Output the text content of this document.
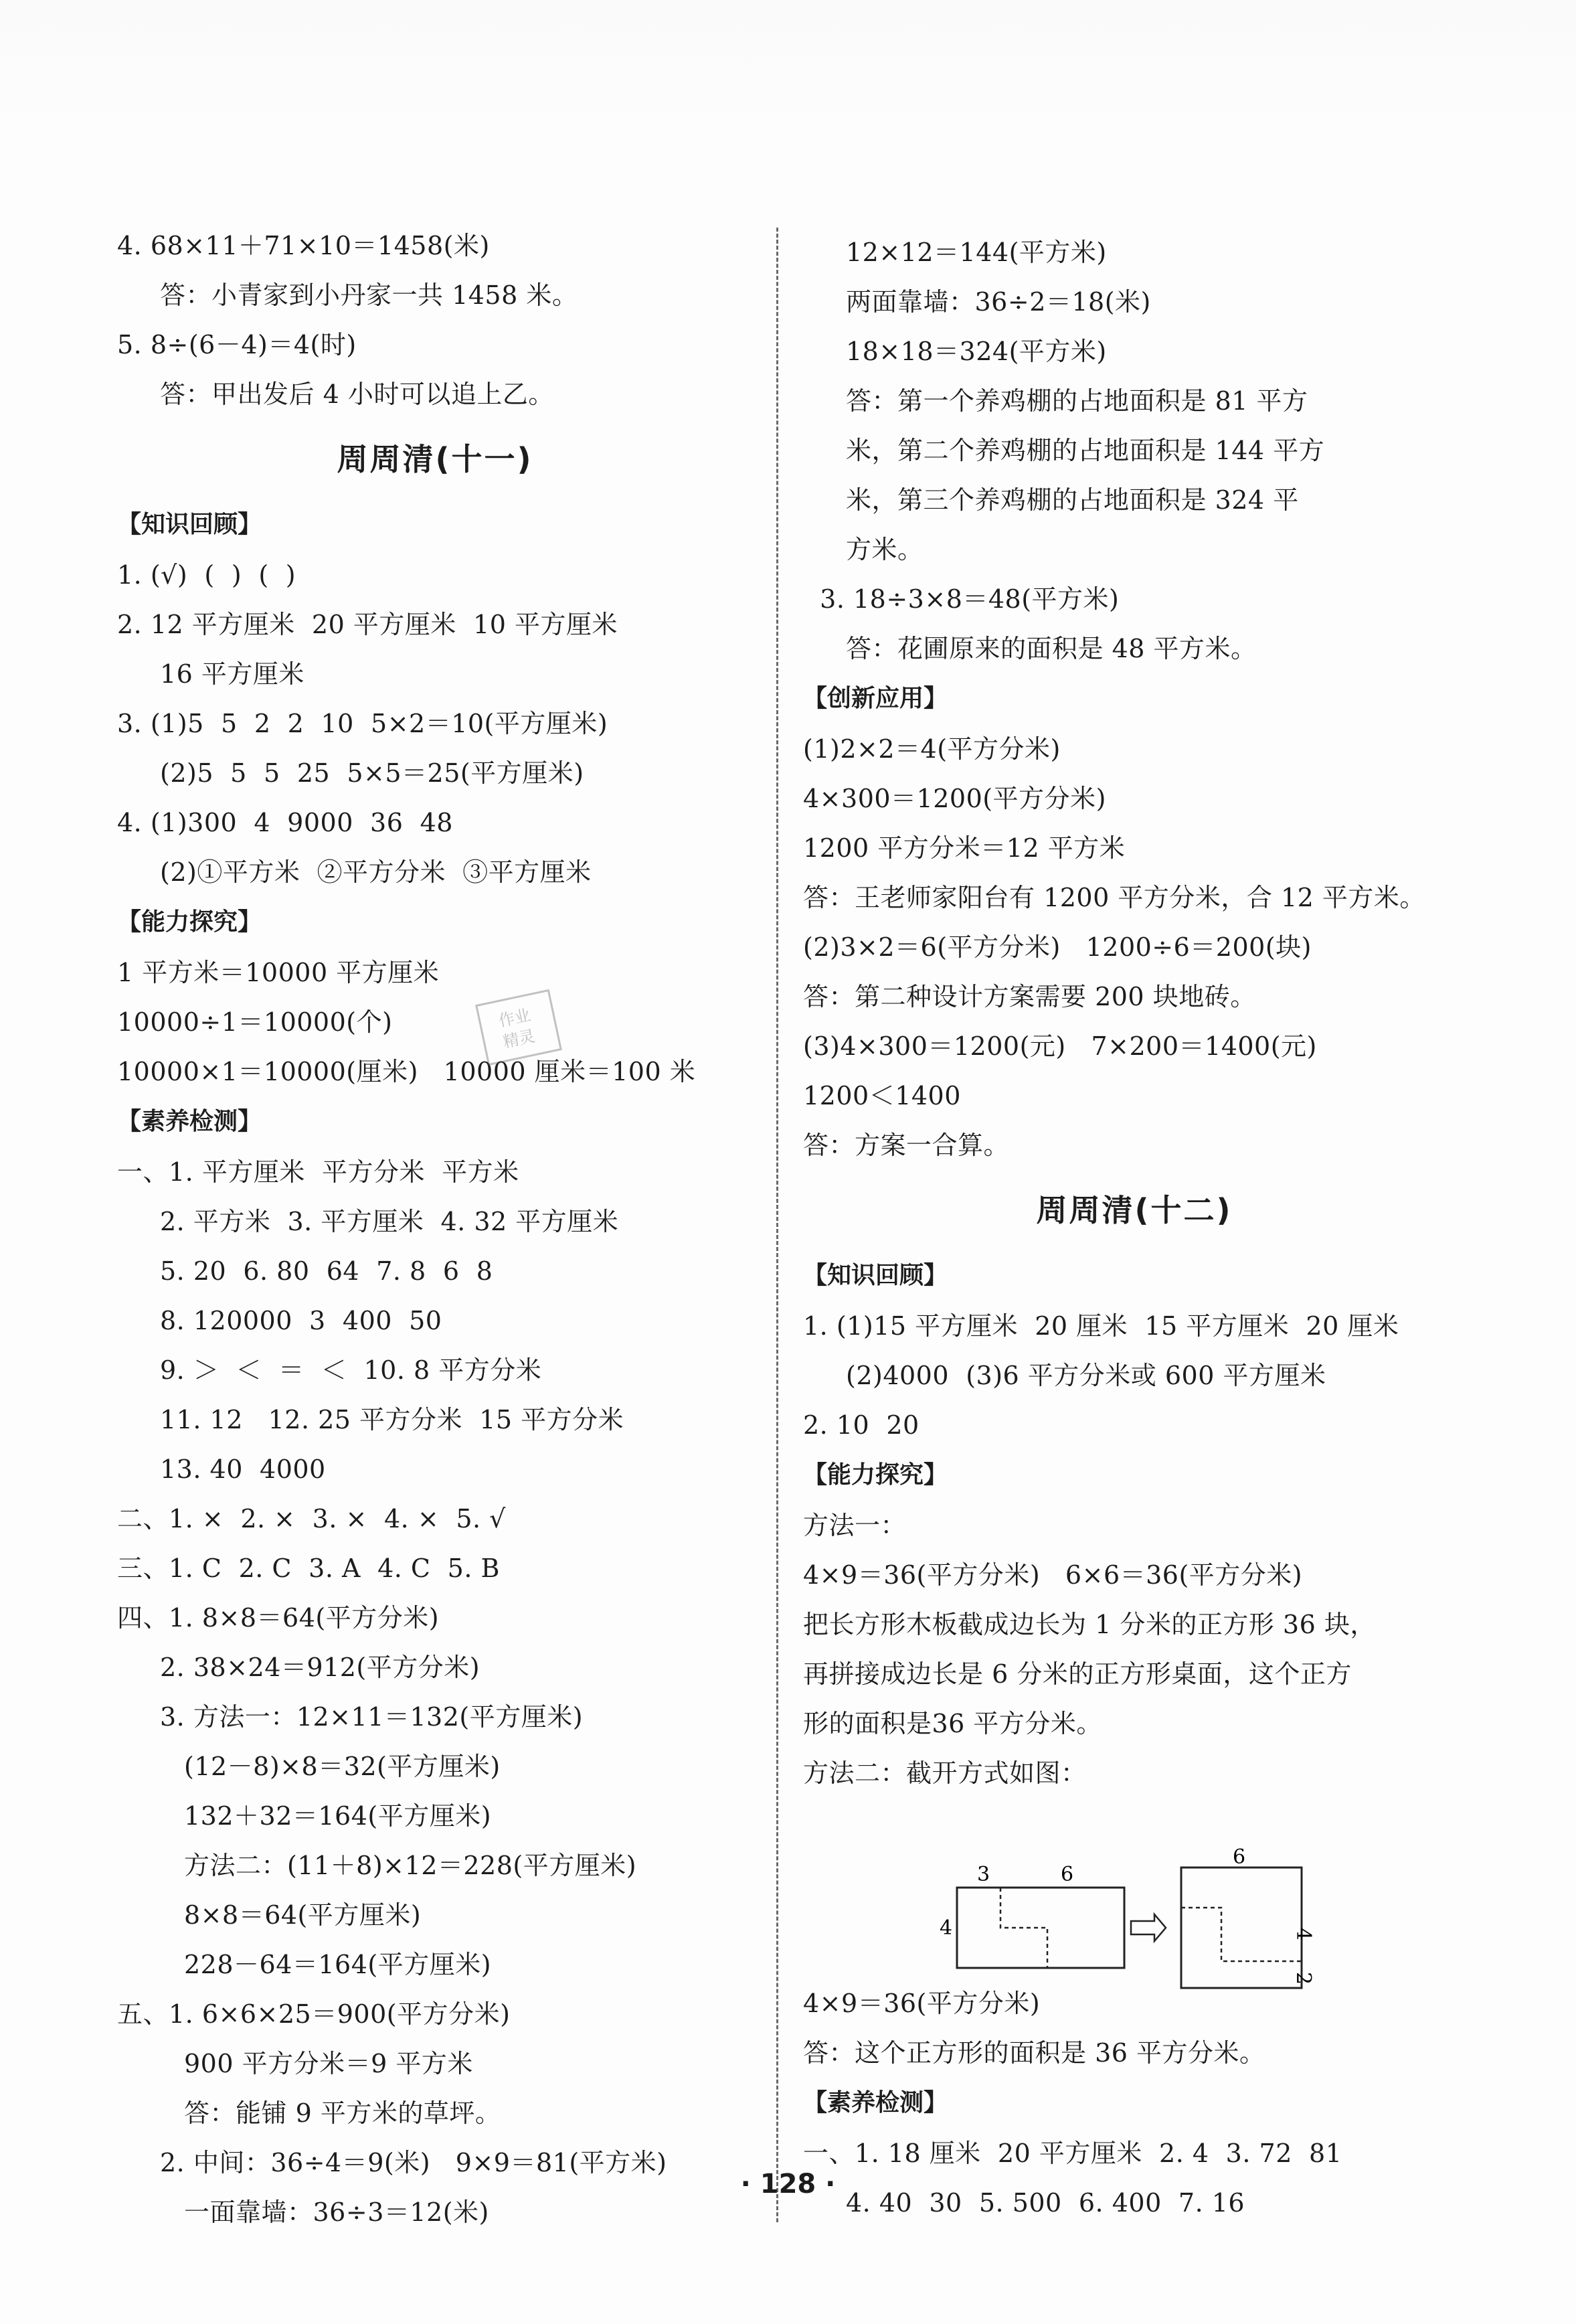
4. 68×11＋71×10＝1458(米)
答：小青家到小丹家一共 1458 米。
5. 8÷(6－4)＝4(时)
答：甲出发后 4 小时可以追上乙。
周周清(十一)
【知识回顾】
1. (√)  (  )  (  )
2. 12 平方厘米  20 平方厘米  10 平方厘米
16 平方厘米
3. (1)5  5  2  2  10  5×2＝10(平方厘米)
(2)5  5  5  25  5×5＝25(平方厘米)
4. (1)300  4  9000  36  48
(2)①平方米  ②平方分米  ③平方厘米
【能力探究】
1 平方米＝10000 平方厘米
10000÷1＝10000(个)
10000×1＝10000(厘米)   10000 厘米＝100 米
【素养检测】
一、1. 平方厘米  平方分米  平方米
2. 平方米  3. 平方厘米  4. 32 平方厘米
5. 20  6. 80  64  7. 8  6  8
8. 120000  3  400  50
9. ＞  ＜  ＝  ＜  10. 8 平方分米
11. 12   12. 25 平方分米  15 平方分米
13. 40  4000
二、1. ×  2. ×  3. ×  4. ×  5. √
三、1. C  2. C  3. A  4. C  5. B
四、1. 8×8＝64(平方分米)
2. 38×24＝912(平方分米)
3. 方法一：12×11＝132(平方厘米)
(12－8)×8＝32(平方厘米)
132＋32＝164(平方厘米)
方法二：(11＋8)×12＝228(平方厘米)
8×8＝64(平方厘米)
228－64＝164(平方厘米)
五、1. 6×6×25＝900(平方分米)
900 平方分米＝9 平方米
答：能铺 9 平方米的草坪。
2. 中间：36÷4＝9(米)   9×9＝81(平方米)
一面靠墙：36÷3＝12(米)
12×12＝144(平方米)
两面靠墙：36÷2＝18(米)
18×18＝324(平方米)
答：第一个养鸡棚的占地面积是 81 平方
米，第二个养鸡棚的占地面积是 144 平方
米，第三个养鸡棚的占地面积是 324 平
方米。
3. 18÷3×8＝48(平方米)
答：花圃原来的面积是 48 平方米。
【创新应用】
(1)2×2＝4(平方分米)
4×300＝1200(平方分米)
1200 平方分米＝12 平方米
答：王老师家阳台有 1200 平方分米，合 12 平方米。
(2)3×2＝6(平方分米)   1200÷6＝200(块)
答：第二种设计方案需要 200 块地砖。
(3)4×300＝1200(元)   7×200＝1400(元)
1200＜1400
答：方案一合算。
周周清(十二)
【知识回顾】
1. (1)15 平方厘米  20 厘米  15 平方厘米  20 厘米
(2)4000  (3)6 平方分米或 600 平方厘米
2. 10  20
【能力探究】
方法一：
4×9＝36(平方分米)   6×6＝36(平方分米)
把长方形木板截成边长为 1 分米的正方形 36 块，
再拼接成边长是 6 分米的正方形桌面，这个正方
形的面积是36 平方分米。
方法二：截开方式如图：
4×9＝36(平方分米)
答：这个正方形的面积是 36 平方分米。
【素养检测】
一、1. 18 厘米  20 平方厘米  2. 4  3. 72  81
4. 40  30  5. 500  6. 400  7. 16
3	6
4
6
4
2
作业
精灵
· 128 ·
